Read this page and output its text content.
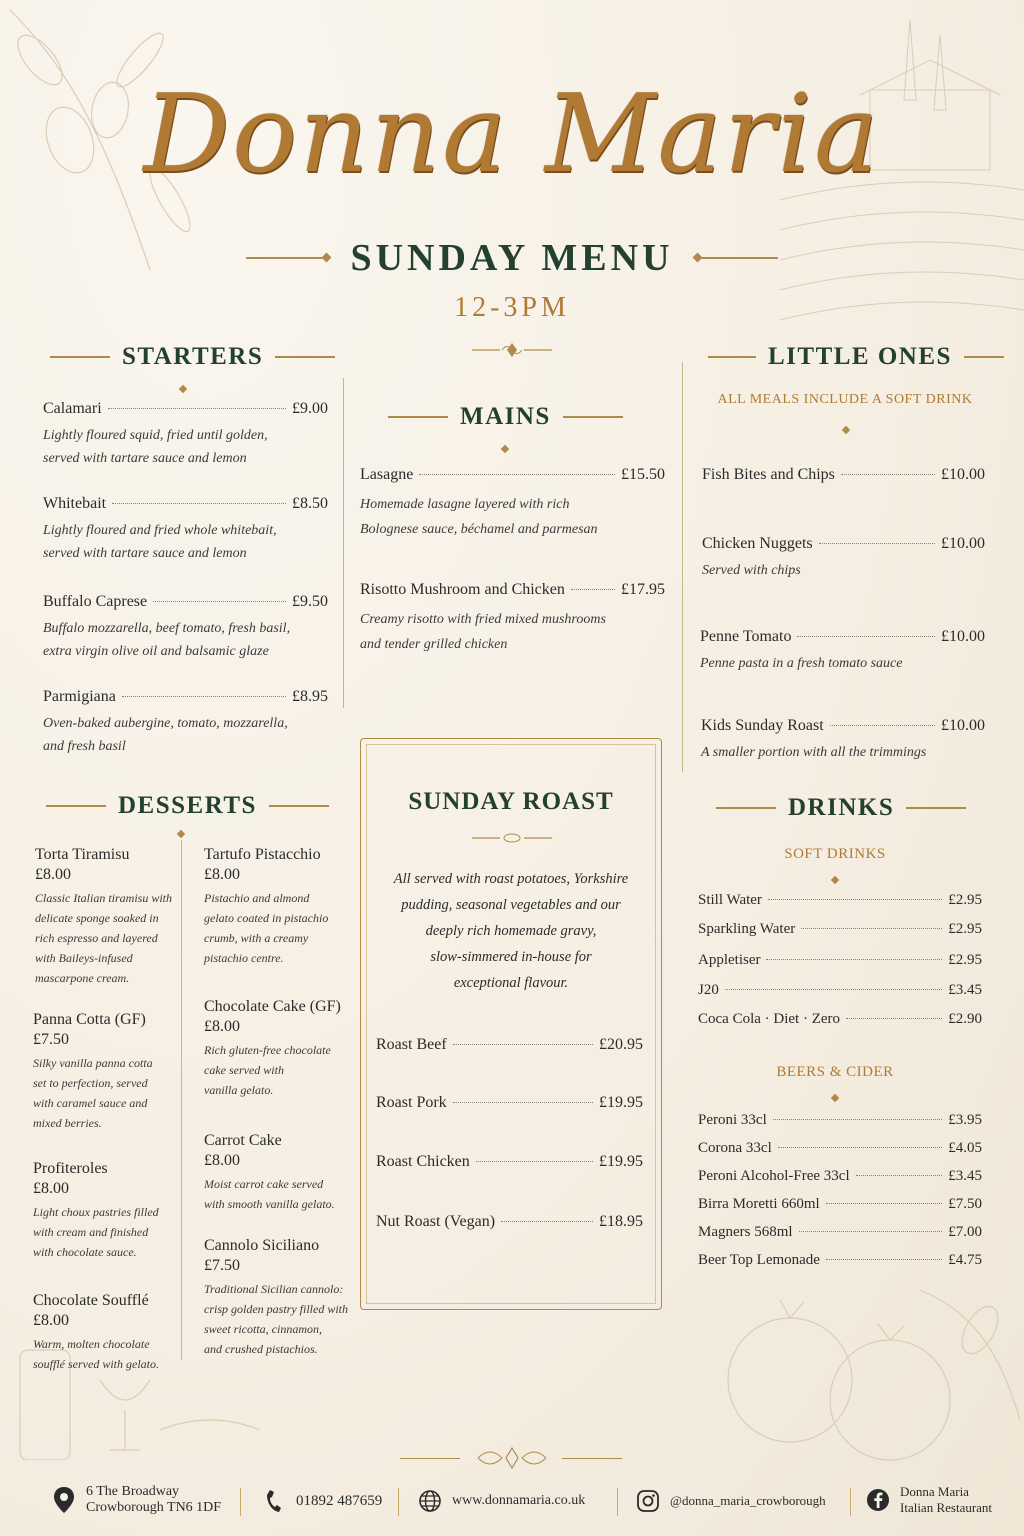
Donna Maria
SUNDAY MENU
12-3PM
STARTERS
Calamari	£9.00
Lightly floured squid, fried until golden,
served with tartare sauce and lemon
Whitebait	£8.50
Lightly floured and fried whole whitebait,
served with tartare sauce and lemon
Buffalo Caprese	£9.50
Buffalo mozzarella, beef tomato, fresh basil,
extra virgin olive oil and balsamic glaze
Parmigiana	£8.95
Oven-baked aubergine, tomato, mozzarella,
and fresh basil
DESSERTS
Torta Tiramisu
£8.00
Classic Italian tiramisu with
delicate sponge soaked in
rich espresso and layered
with Baileys-infused
mascarpone cream.
Panna Cotta (GF)
£7.50
Silky vanilla panna cotta
set to perfection, served
with caramel sauce and
mixed berries.
Profiteroles
£8.00
Light choux pastries filled
with cream and finished
with chocolate sauce.
Chocolate Soufflé
£8.00
Warm, molten chocolate
soufflé served with gelato.
Tartufo Pistacchio
£8.00
Pistachio and almond
gelato coated in pistachio
crumb, with a creamy
pistachio centre.
Chocolate Cake (GF)
£8.00
Rich gluten-free chocolate
cake served with
vanilla gelato.
Carrot Cake
£8.00
Moist carrot cake served
with smooth vanilla gelato.
Cannolo Siciliano
£7.50
Traditional Sicilian cannolo:
crisp golden pastry filled with
sweet ricotta, cinnamon,
and crushed pistachios.
MAINS
Lasagne	£15.50
Homemade lasagne layered with rich
Bolognese sauce, béchamel and parmesan
Risotto Mushroom and Chicken	£17.95
Creamy risotto with fried mixed mushrooms
and tender grilled chicken
SUNDAY ROAST
All served with roast potatoes, Yorkshire
pudding, seasonal vegetables and our
deeply rich homemade gravy,
slow-simmered in-house for
exceptional flavour.
Roast Beef	£20.95
Roast Pork	£19.95
Roast Chicken	£19.95
Nut Roast (Vegan)	£18.95
LITTLE ONES
ALL MEALS INCLUDE A SOFT DRINK
Fish Bites and Chips	£10.00
Chicken Nuggets	£10.00
Served with chips
Penne Tomato	£10.00
Penne pasta in a fresh tomato sauce
Kids Sunday Roast	£10.00
A smaller portion with all the trimmings
DRINKS
SOFT DRINKS
Still Water	£2.95
Sparkling Water	£2.95
Appletiser	£2.95
J20	£3.45
Coca Cola · Diet · Zero	£2.90
BEERS & CIDER
Peroni 33cl	£3.95
Corona 33cl	£4.05
Peroni Alcohol-Free 33cl	£3.45
Birra Moretti 660ml	£7.50
Magners 568ml	£7.00
Beer Top Lemonade	£4.75
6 The Broadway
Crowborough TN6 1DF	01892 487659	www.donnamaria.co.uk	@donna_maria_crowborough
Donna Maria
Italian Restaurant
